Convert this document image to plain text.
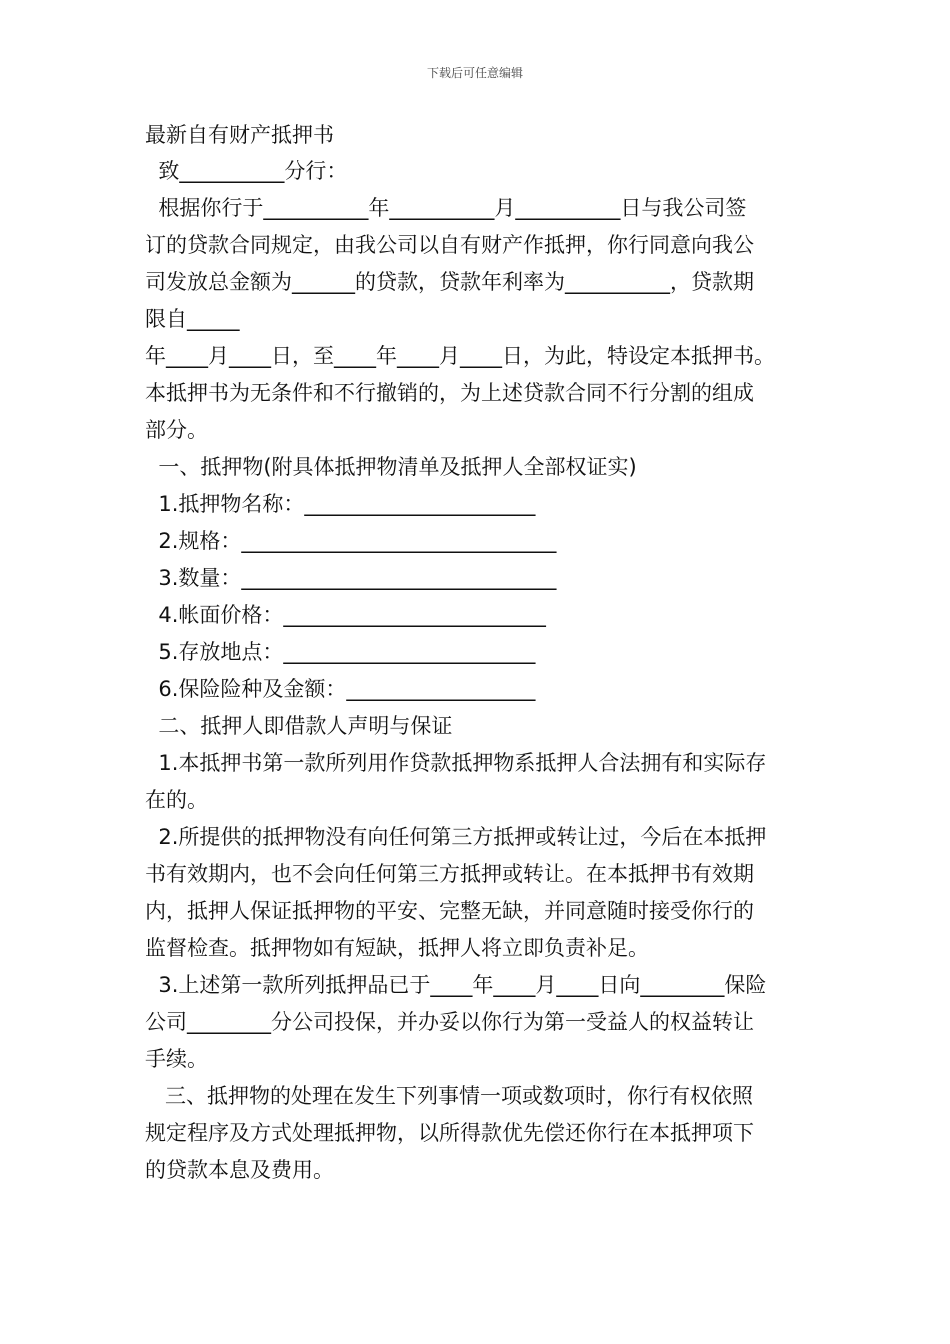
下载后可任意编辑
最新自有财产抵押书
致__________分行：
根据你行于__________年__________月__________日与我公司签
订的贷款合同规定，由我公司以自有财产作抵押，你行同意向我公
司发放总金额为______的贷款，贷款年利率为__________，贷款期
限自_____
年____月____日，至____年____月____日，为此，特设定本抵押书。
本抵押书为无条件和不行撤销的，为上述贷款合同不行分割的组成
部分。
一、抵押物(附具体抵押物清单及抵押人全部权证实)
1.抵押物名称：______________________
2.规格：______________________________
3.数量：______________________________
4.帐面价格：_________________________
5.存放地点：________________________
6.保险险种及金额：__________________
二、抵押人即借款人声明与保证
1.本抵押书第一款所列用作贷款抵押物系抵押人合法拥有和实际存
在的。
2.所提供的抵押物没有向任何第三方抵押或转让过，今后在本抵押
书有效期内，也不会向任何第三方抵押或转让。在本抵押书有效期
内，抵押人保证抵押物的平安、完整无缺，并同意随时接受你行的
监督检查。抵押物如有短缺，抵押人将立即负责补足。
3.上述第一款所列抵押品已于____年____月____日向________保险
公司________分公司投保，并办妥以你行为第一受益人的权益转让
手续。
三、抵押物的处理在发生下列事情一项或数项时，你行有权依照
规定程序及方式处理抵押物，以所得款优先偿还你行在本抵押项下
的贷款本息及费用。
